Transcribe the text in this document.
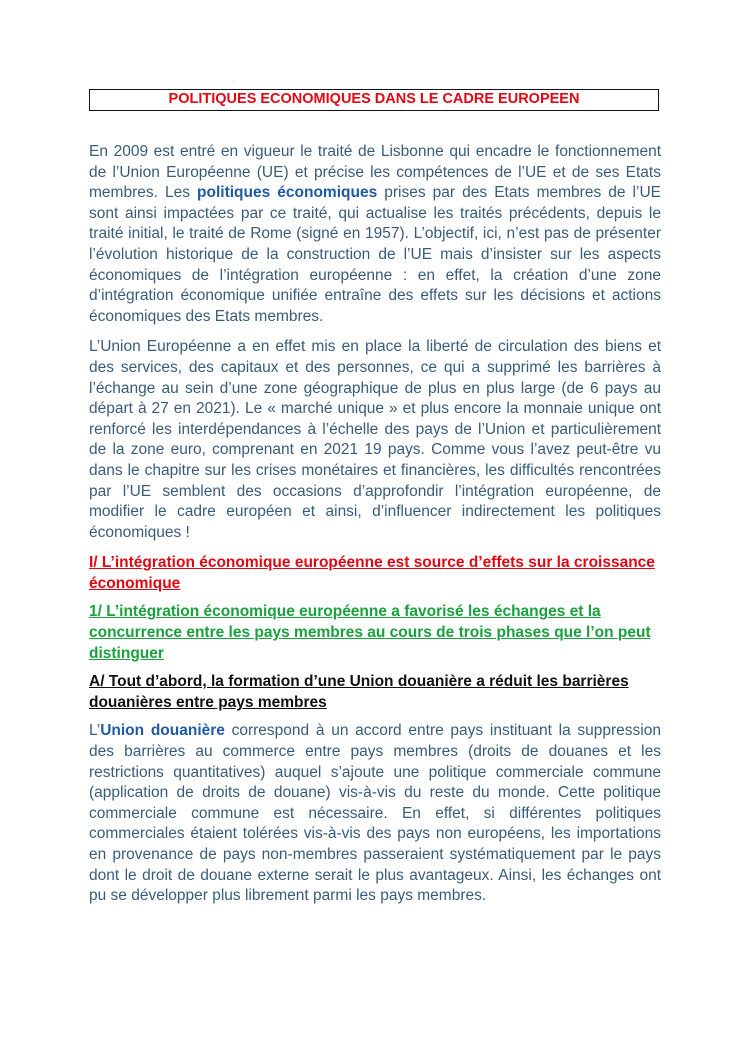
POLITIQUES ECONOMIQUES DANS LE CADRE EUROPEEN

En 2009 est entré en vigueur le traité de Lisbonne qui encadre le fonctionnement de l’Union Européenne (UE) et précise les compétences de l’UE et de ses Etats membres. Les politiques économiques prises par des Etats membres de l’UE sont ainsi impactées par ce traité, qui actualise les traités précédents, depuis le traité initial, le traité de Rome (signé en 1957). L’objectif, ici, n’est pas de présenter l’évolution historique de la construction de l’UE mais d’insister sur les aspects économiques de l’intégration européenne : en effet, la création d’une zone d’intégration économique unifiée entraîne des effets sur les décisions et actions économiques des Etats membres.

L’Union Européenne a en effet mis en place la liberté de circulation des biens et des services, des capitaux et des personnes, ce qui a supprimé les barrières à l’échange au sein d’une zone géographique de plus en plus large (de 6 pays au départ à 27 en 2021). Le « marché unique » et plus encore la monnaie unique ont renforcé les interdépendances à l’échelle des pays de l’Union et particulièrement de la zone euro, comprenant en 2021 19 pays. Comme vous l’avez peut-être vu dans le chapitre sur les crises monétaires et financières, les difficultés rencontrées par l’UE semblent des occasions d’approfondir l’intégration européenne, de modifier le cadre européen et ainsi, d’influencer indirectement les politiques économiques !

I/ L’intégration économique européenne est source d’effets sur la croissance économique
1/ L’intégration économique européenne a favorisé les échanges et la concurrence entre les pays membres au cours de trois phases que l’on peut distinguer
A/ Tout d’abord, la formation d’une Union douanière a réduit les barrières douanières entre pays membres

L’Union douanière correspond à un accord entre pays instituant la suppression des barrières au commerce entre pays membres (droits de douanes et les restrictions quantitatives) auquel s’ajoute une politique commerciale commune (application de droits de douane) vis-à-vis du reste du monde. Cette politique commerciale commune est nécessaire. En effet, si différentes politiques commerciales étaient tolérées vis-à-vis des pays non européens, les importations en provenance de pays non-membres passeraient systématiquement par le pays dont le droit de douane externe serait le plus avantageux. Ainsi, les échanges ont pu se développer plus librement parmi les pays membres.
